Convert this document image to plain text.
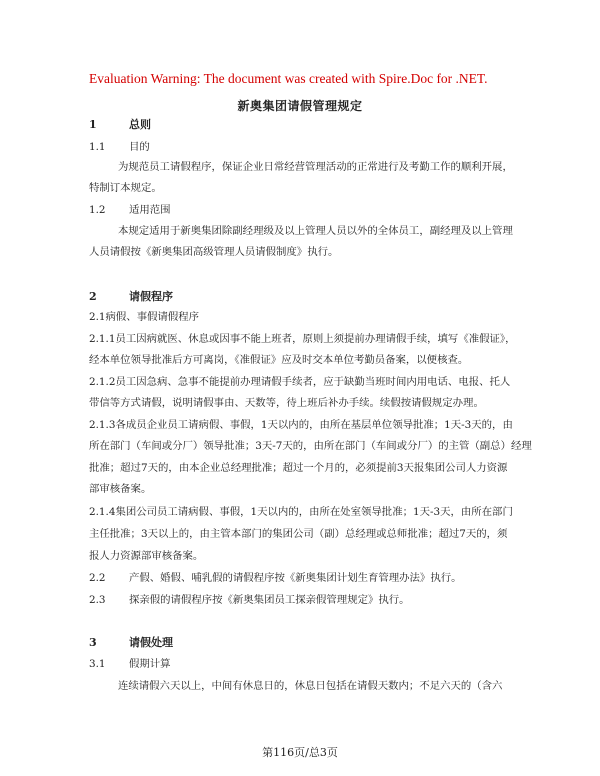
Evaluation Warning: The document was created with Spire.Doc for .NET.
新奥集团请假管理规定
1	总则
1.1 目的
为规范员工请假程序，保证企业日常经营管理活动的正常进行及考勤工作的顺利开展，
特制订本规定。
1.2 适用范围
本规定适用于新奥集团除副经理级及以上管理人员以外的全体员工，副经理及以上管理
人员请假按《新奥集团高级管理人员请假制度》执行。
2	请假程序
2.1病假、事假请假程序
2.1.1员工因病就医、休息或因事不能上班者，原则上须提前办理请假手续，填写《准假证》，
经本单位领导批准后方可离岗，《准假证》应及时交本单位考勤员备案，以便核查。
2.1.2员工因急病、急事不能提前办理请假手续者，应于缺勤当班时间内用电话、电报、托人
带信等方式请假，说明请假事由、天数等，待上班后补办手续。续假按请假规定办理。
2.1.3各成员企业员工请病假、事假，1天以内的，由所在基层单位领导批准；1天-3天的，由
所在部门（车间或分厂）领导批准；3天-7天的，由所在部门（车间或分厂）的主管（副总）经理
批准；超过7天的，由本企业总经理批准；超过一个月的，必须提前3天报集团公司人力资源
部审核备案。
2.1.4集团公司员工请病假、事假，1天以内的，由所在处室领导批准；1天-3天，由所在部门
主任批准；3天以上的，由主管本部门的集团公司（副）总经理或总师批准；超过7天的，须
报人力资源部审核备案。
2.2 产假、婚假、哺乳假的请假程序按《新奥集团计划生育管理办法》执行。
2.3 探亲假的请假程序按《新奥集团员工探亲假管理规定》执行。
3	请假处理
3.1 假期计算
连续请假六天以上，中间有休息日的，休息日包括在请假天数内；不足六天的（含六
第116页/总3页
